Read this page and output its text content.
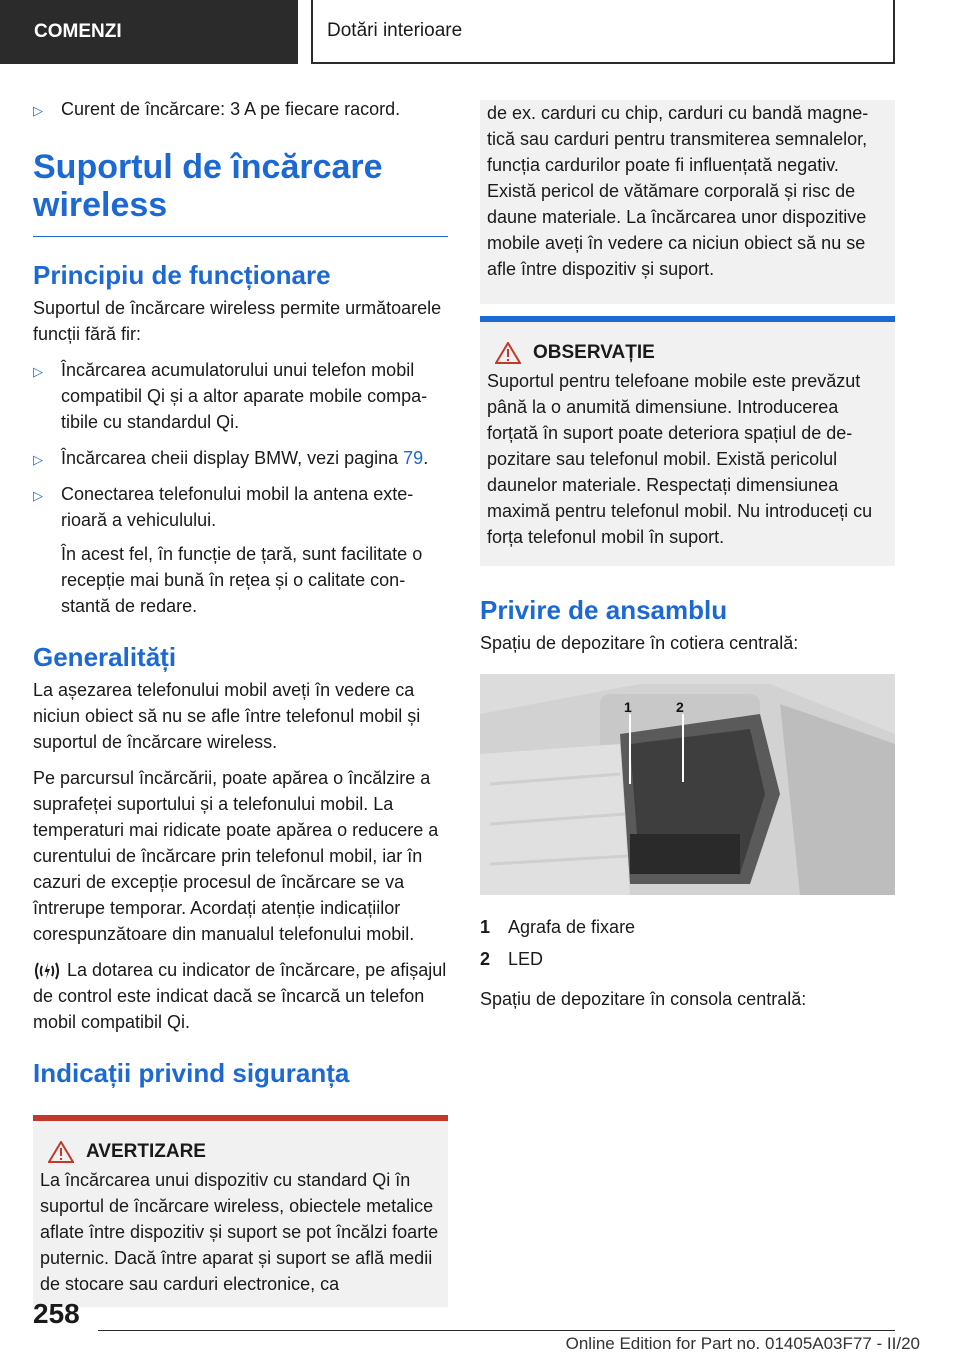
COMENZI	Dotări interioare
▷ Curent de încărcare: 3 A pe fiecare racord.
Suportul de încărcare wireless
Principiu de funcționare

Suportul de încărcare wireless permite următoarele funcții fără fir:

▷ Încărcarea acumulatorului unui telefon mobil compatibil Qi și a altor aparate mobile compatibile cu standardul Qi.
▷ Încărcarea cheii display BMW, vezi pagina 79.
▷ Conectarea telefonului mobil la antena exterioară a vehiculului.
În acest fel, în funcție de țară, sunt facilitate o recepție mai bună în rețea și o calitate constantă de redare.
Generalități

La așezarea telefonului mobil aveți în vedere ca niciun obiect să nu se afle între telefonul mobil și suportul de încărcare wireless.

Pe parcursul încărcării, poate apărea o încălzire a suprafeței suportului și a telefonului mobil. La temperaturi mai ridicate poate apărea o reducere a curentului de încărcare prin telefonul mobil, iar în cazuri de excepție procesul de încărcare se va întrerupe temporar. Acordați atenție indicațiilor corespunzătoare din manualul telefonului mobil.

La dotarea cu indicator de încărcare, pe afișajul de control este indicat dacă se încarcă un telefon mobil compatibil Qi.

Indicații privind siguranța
AVERTIZARE

La încărcarea unui dispozitiv cu standard Qi în suportul de încărcare wireless, obiectele metalice aflate între dispozitiv și suport se pot încălzi foarte puternic. Dacă între aparat și suport se află medii de stocare sau carduri electronice, ca

de ex. carduri cu chip, carduri cu bandă magnetică sau carduri pentru transmiterea semnalelor, funcția cardurilor poate fi influențată negativ. Există pericol de vătămare corporală și risc de daune materiale. La încărcarea unor dispozitive mobile aveți în vedere ca niciun obiect să nu se afle între dispozitiv și suport.

OBSERVAȚIE

Suportul pentru telefoane mobile este prevăzut până la o anumită dimensiune. Introducerea forțată în suport poate deteriora spațiul de depozitare sau telefonul mobil. Există pericolul daunelor materiale. Respectați dimensiunea maximă pentru telefonul mobil. Nu introduceți cu forța telefonul mobil în suport.

Privire de ansamblu

Spațiu de depozitare în cotiera centrală:

1	2
1 Agrafa de fixare
2 LED

Spațiu de depozitare în consola centrală:

258
Online Edition for Part no. 01405A03F77 - II/20
